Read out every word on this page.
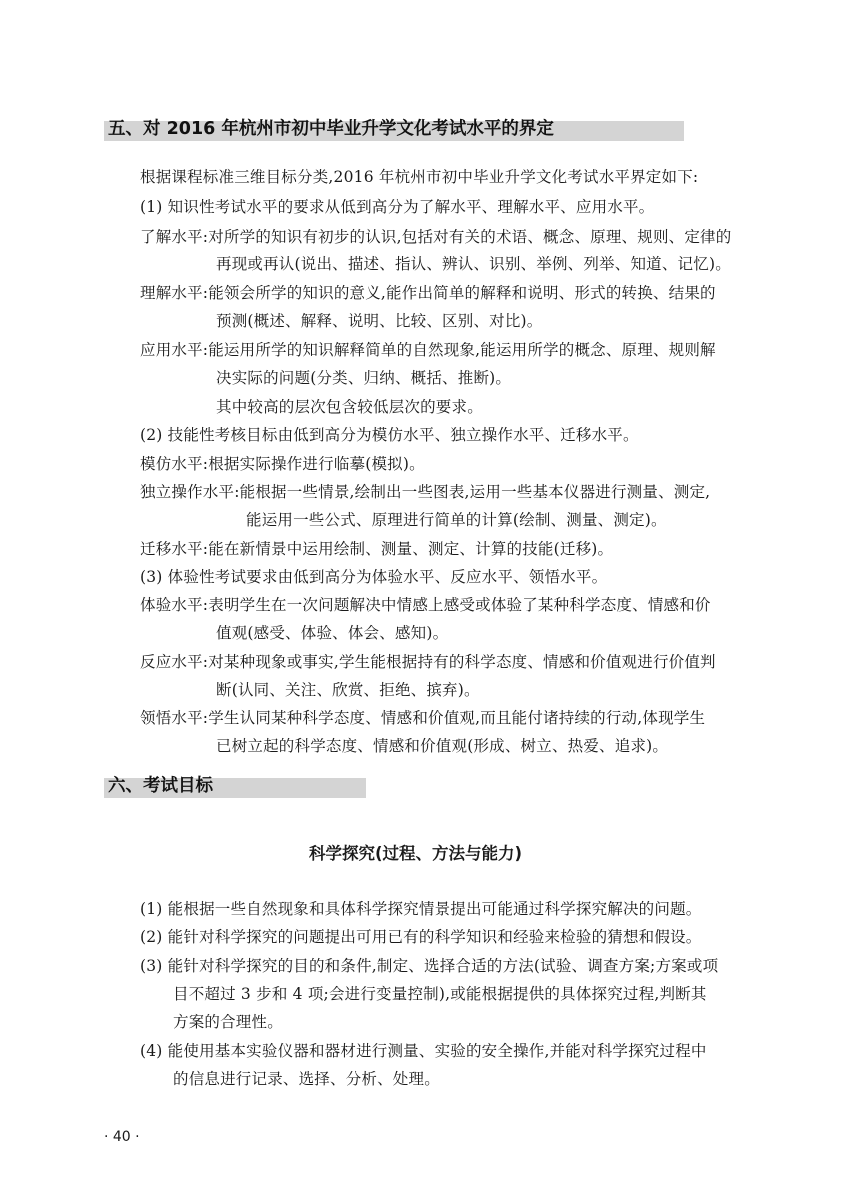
五、对 2016 年杭州市初中毕业升学文化考试水平的界定
根据课程标准三维目标分类,2016 年杭州市初中毕业升学文化考试水平界定如下:
(1) 知识性考试水平的要求从低到高分为了解水平、理解水平、应用水平。
了解水平:对所学的知识有初步的认识,包括对有关的术语、概念、原理、规则、定律的
再现或再认(说出、描述、指认、辨认、识别、举例、列举、知道、记忆)。
理解水平:能领会所学的知识的意义,能作出简单的解释和说明、形式的转换、结果的
预测(概述、解释、说明、比较、区别、对比)。
应用水平:能运用所学的知识解释简单的自然现象,能运用所学的概念、原理、规则解
决实际的问题(分类、归纳、概括、推断)。
其中较高的层次包含较低层次的要求。
(2) 技能性考核目标由低到高分为模仿水平、独立操作水平、迁移水平。
模仿水平:根据实际操作进行临摹(模拟)。
独立操作水平:能根据一些情景,绘制出一些图表,运用一些基本仪器进行测量、测定,
能运用一些公式、原理进行简单的计算(绘制、测量、测定)。
迁移水平:能在新情景中运用绘制、测量、测定、计算的技能(迁移)。
(3) 体验性考试要求由低到高分为体验水平、反应水平、领悟水平。
体验水平:表明学生在一次问题解决中情感上感受或体验了某种科学态度、情感和价
值观(感受、体验、体会、感知)。
反应水平:对某种现象或事实,学生能根据持有的科学态度、情感和价值观进行价值判
断(认同、关注、欣赏、拒绝、摈弃)。
领悟水平:学生认同某种科学态度、情感和价值观,而且能付诸持续的行动,体现学生
已树立起的科学态度、情感和价值观(形成、树立、热爱、追求)。
六、考试目标
科学探究(过程、方法与能力)
(1) 能根据一些自然现象和具体科学探究情景提出可能通过科学探究解决的问题。
(2) 能针对科学探究的问题提出可用已有的科学知识和经验来检验的猜想和假设。
(3) 能针对科学探究的目的和条件,制定、选择合适的方法(试验、调查方案;方案或项
目不超过 3 步和 4 项;会进行变量控制),或能根据提供的具体探究过程,判断其
方案的合理性。
(4) 能使用基本实验仪器和器材进行测量、实验的安全操作,并能对科学探究过程中
的信息进行记录、选择、分析、处理。
· 40 ·
